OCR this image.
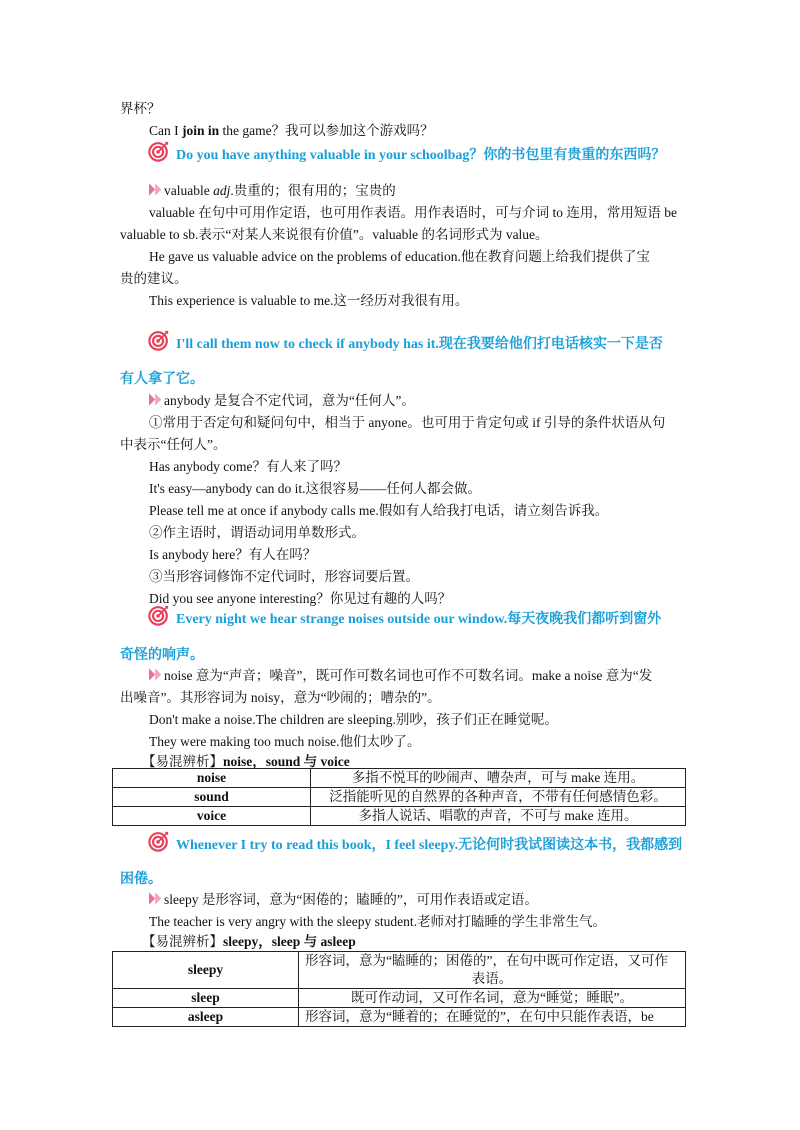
界杯？
Can I join in the game？我可以参加这个游戏吗？
Do you have anything valuable in your schoolbag？你的书包里有贵重的东西吗？
valuable adj.贵重的；很有用的；宝贵的
valuable 在句中可用作定语，也可用作表语。用作表语时，可与介词 to 连用，常用短语 be
valuable to sb.表示“对某人来说很有价值”。valuable 的名词形式为 value。
He gave us valuable advice on the problems of education.他在教育问题上给我们提供了宝
贵的建议。
This experience is valuable to me.这一经历对我很有用。
I'll call them now to check if anybody has it.现在我要给他们打电话核实一下是否
有人拿了它。
anybody 是复合不定代词，意为“任何人”。
①常用于否定句和疑问句中，相当于 anyone。也可用于肯定句或 if 引导的条件状语从句
中表示“任何人”。
Has anybody come？有人来了吗？
It's easy—anybody can do it.这很容易——任何人都会做。
Please tell me at once if anybody calls me.假如有人给我打电话，请立刻告诉我。
②作主语时，谓语动词用单数形式。
Is anybody here？有人在吗？
③当形容词修饰不定代词时，形容词要后置。
Did you see anyone interesting？你见过有趣的人吗？
Every night we hear strange noises outside our window.每天夜晚我们都听到窗外
奇怪的响声。
noise 意为“声音；噪音”，既可作可数名词也可作不可数名词。make a noise 意为“发
出噪音”。其形容词为 noisy，意为“吵闹的；嘈杂的”。
Don't make a noise.The children are sleeping.别吵，孩子们正在睡觉呢。
They were making too much noise.他们太吵了。
【易混辨析】noise，sound 与 voice
noise	多指不悦耳的吵闹声、嘈杂声，可与 make 连用。
sound	泛指能听见的自然界的各种声音，不带有任何感情色彩。
voice	多指人说话、唱歌的声音，不可与 make 连用。
Whenever I try to read this book，I feel sleepy.无论何时我试图读这本书，我都感到
困倦。
sleepy 是形容词，意为“困倦的；瞌睡的”，可用作表语或定语。
The teacher is very angry with the sleepy student.老师对打瞌睡的学生非常生气。
【易混辨析】sleepy，sleep 与 asleep
sleepy	形容词，意为“瞌睡的；困倦的”，在句中既可作定语，又可作
表语。

sleep	既可作动词，又可作名词，意为“睡觉；睡眠”。
asleep	形容词，意为“睡着的；在睡觉的”，在句中只能作表语，be
